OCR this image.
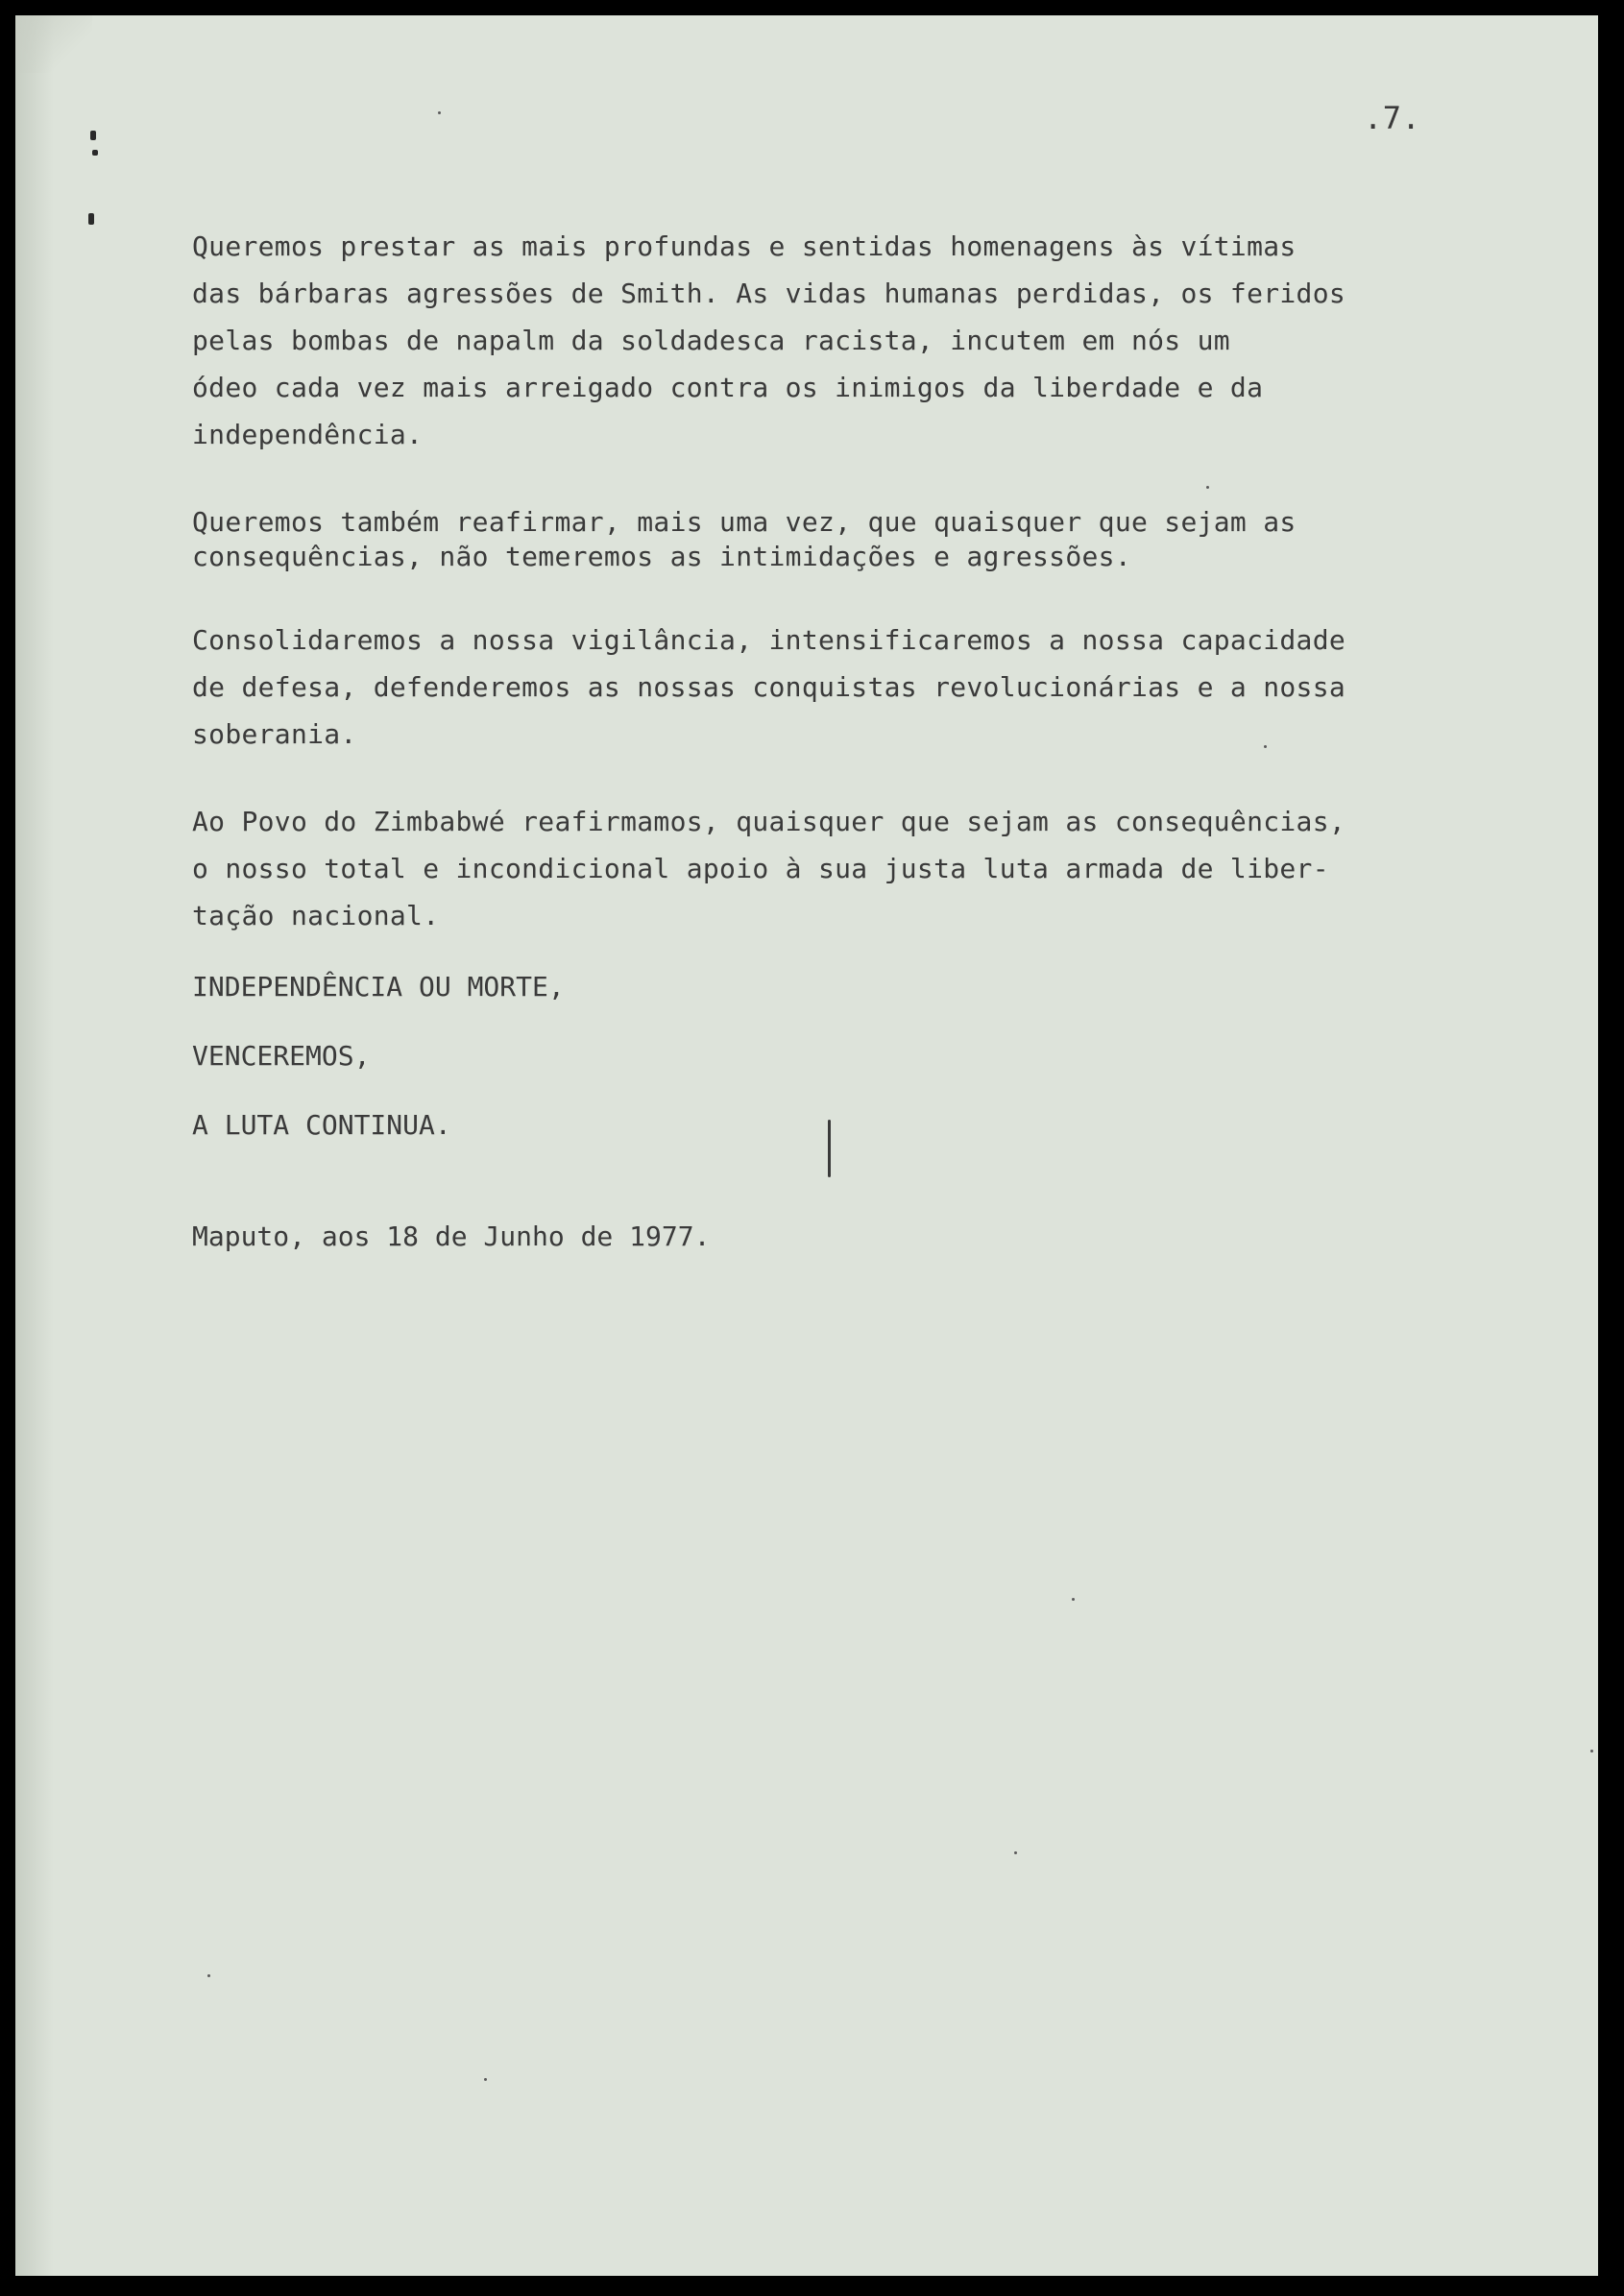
.7.
Queremos prestar as mais profundas e sentidas homenagens às vítimas
das bárbaras agressões de Smith. As vidas humanas perdidas, os feridos
pelas bombas de napalm da soldadesca racista, incutem em nós um
ódeo cada vez mais arreigado contra os inimigos da liberdade e da
independência.
Queremos também reafirmar, mais uma vez, que quaisquer que sejam as
consequências, não temeremos as intimidações e agressões.
Consolidaremos a nossa vigilância, intensificaremos a nossa capacidade
de defesa, defenderemos as nossas conquistas revolucionárias e a nossa
soberania.
Ao Povo do Zimbabwé reafirmamos, quaisquer que sejam as consequências,
o nosso total e incondicional apoio à sua justa luta armada de liber-
tação nacional.
INDEPENDÊNCIA OU MORTE,
VENCEREMOS,
A LUTA CONTINUA.
Maputo, aos 18 de Junho de 1977.
